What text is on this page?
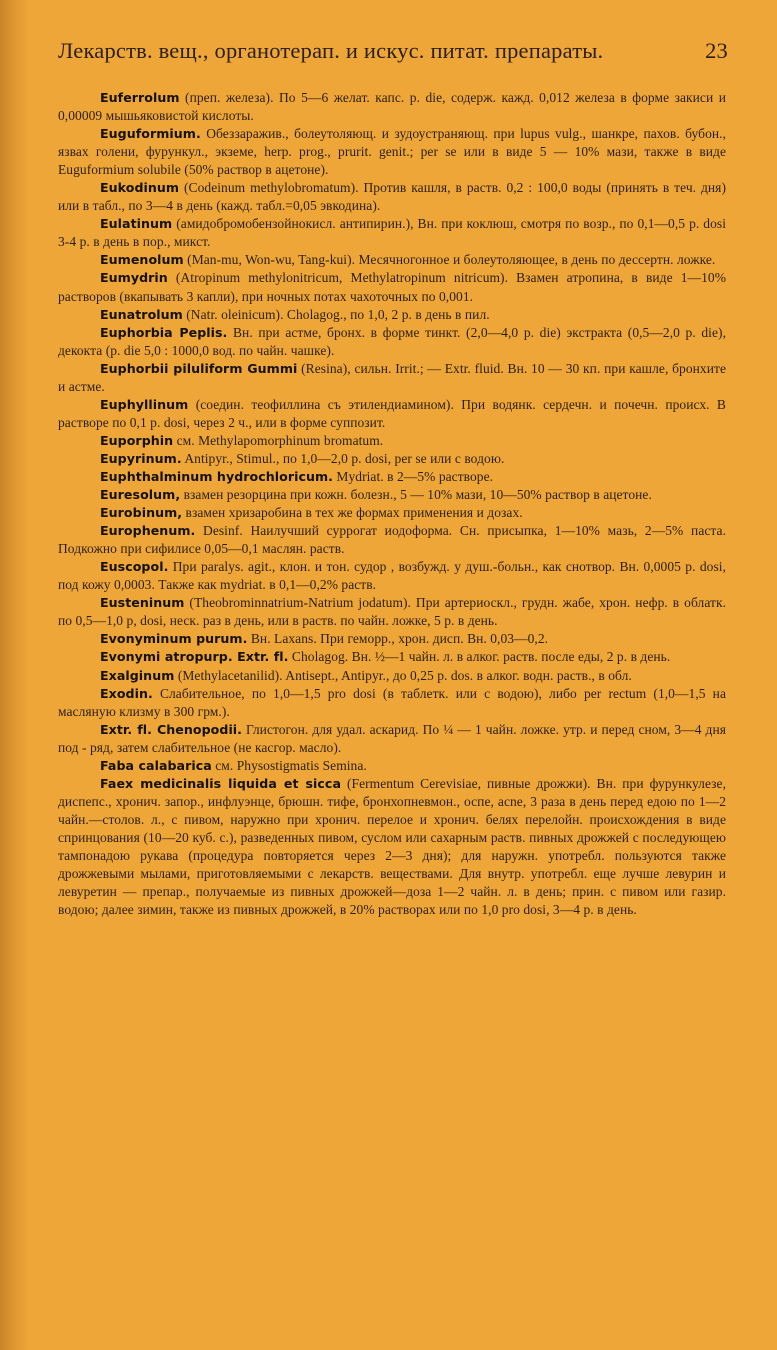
Лекарств. вещ., органотерап. и искус. питат. препараты.	23

Euferrolum (преп. железа). По 5—6 желат. капс. р. die, содерж. кажд. 0,012 железа в форме закиси и 0,00009 мышьяковистой кислоты.

Euguformium. Обеззаражив., болеутоляющ. и зудоустраняющ. при lupus vulg., шанкре, пахов. бубон., язвах голени, фурункул., экземе, herp. prog., prurit. genit.; per se или в виде 5 — 10% мази, также в виде Euguformium solubile (50% раствор в ацетоне).

Eukodinum (Codeinum methylobromatum). Против кашля, в раств. 0,2 : 100,0 воды (принять в теч. дня) или в табл., по 3—4 в день (кажд. табл.=0,05 эвкодина).

Eulatinum (амидобромобензойнокисл. антипирин.), Вн. при коклюш, смотря по возр., по 0,1—0,5 р. dosi 3-4 р. в день в пор., микст.

Eumenolum (Man-mu, Won-wu, Tang-kui). Месячногонное и болеутоляющее, в день по дессертн. ложке.

Eumydrin (Atropinum methylonitricum, Methylatropinum nitricum). Взамен атропина, в виде 1—10% растворов (вкапывать 3 капли), при ночных потах чахоточных по 0,001.

Eunatrolum (Natr. oleinicum). Cholagog., по 1,0, 2 р. в день в пил.

Euphorbia Peplis. Вн. при астме, бронх. в форме тинкт. (2,0—4,0 р. die) экстракта (0,5—2,0 р. die), декокта (р. die 5,0 : 1000,0 вод. по чайн. чашке).

Euphorbii piluliform Gummi (Resina), сильн. Irrit.; — Extr. fluid. Вн. 10 — 30 кп. при кашле, бронхите и астме.

Euphyllinum (соедин. теофиллина съ этилендиамином). При водянк. сердечн. и почечн. происх. В растворе по 0,1 р. dosi, через 2 ч., или в форме суппозит.

Euporphin см. Methylapomorphinum bromatum.

Eupyrinum. Antipyr., Stimul., по 1,0—2,0 р. dosi, per se или с водою.

Euphthalminum hydrochloricum. Mydriat. в 2—5% растворе.

Euresolum, взамен резорцина при кожн. болезн., 5 — 10% мази, 10—50% раствор в ацетоне.

Eurobinum, взамен хризаробина в тех же формах применения и дозах.

Europhenum. Desinf. Наилучший суррогат иодоформа. Сн. присыпка, 1—10% мазь, 2—5% паста. Подкожно при сифилисе 0,05—0,1 маслян. раств.

Euscopol. При paralys. agit., клон. и тон. судор , возбужд. у душ.-больн., как снотвор. Вн. 0,0005 р. dosi, под кожу 0,0003. Также как mydriat. в 0,1—0,2% раств.

Eusteninum (Theobrominnatrium-Natrium jodatum). При артериоскл., грудн. жабе, хрон. нефр. в облатк. по 0,5—1,0 р, dosi, неск. раз в день, или в раств. по чайн. ложке, 5 р. в день.

Evonyminum purum. Вн. Laxans. При геморр., хрон. дисп. Вн. 0,03—0,2.

Evonymi atropurp. Extr. fl. Cholagog. Вн. ½—1 чайн. л. в алког. раств. после еды, 2 р. в день.

Exalginum (Methylacetanilid). Antisept., Antipyr., до 0,25 р. dos. в алког. водн. раств., в обл.

Exodin. Слабительное, по 1,0—1,5 pro dosi (в таблетк. или с водою), либо per rectum (1,0—1,5 на масляную клизму в 300 грм.).

Extr. fl. Chenopodii. Глистогон. для удал. аскарид. По ¼ — 1 чайн. ложке. утр. и перед сном, 3—4 дня под - ряд, затем слабительное (не касгор. масло).

Faba calabarica см. Physostigmatis Semina.

Faex medicinalis liquida et sicca (Fermentum Cerevisiae, пивные дрожжи). Вн. при фурункулезе, диспепс., хронич. запор., инфлуэнце, брюшн. тифе, бронхопневмон., оспе, acne, 3 раза в день перед едою по 1—2 чайн.—столов. л., с пивом, наружно при хронич. перелое и хронич. белях перелойн. происхождения в виде спринцования (10—20 куб. с.), разведенных пивом, суслом или сахарным раств. пивных дрожжей с последующею тампонадою рукава (процедура повторяется через 2—3 дня); для наружн. употребл. пользуются также дрожжевыми мылами, приготовляемыми с лекарств. веществами. Для внутр. употребл. еще лучше левурин и левуретин — препар., получаемые из пивных дрожжей—доза 1—2 чайн. л. в день; прин. с пивом или газир. водою; далее зимин, также из пивных дрожжей, в 20% растворах или по 1,0 pro dosi, 3—4 р. в день.
